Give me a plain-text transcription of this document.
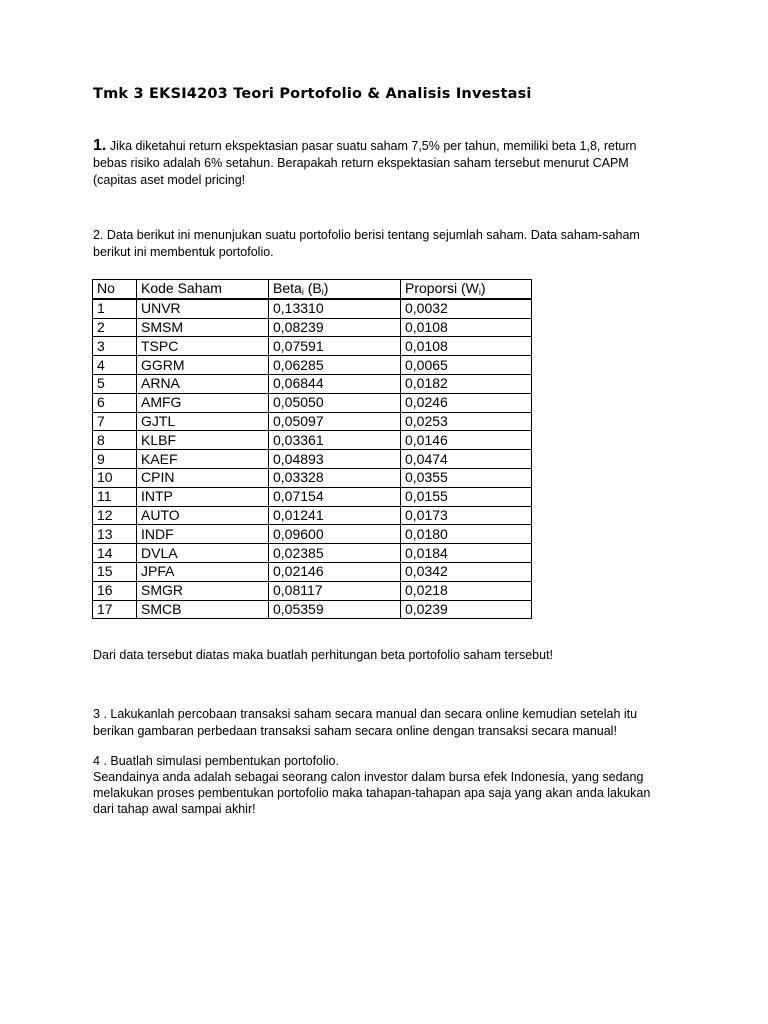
Tmk 3 EKSI4203 Teori Portofolio & Analisis Investasi
1. Jika diketahui return ekspektasian pasar suatu saham 7,5% per tahun, memiliki beta 1,8, return
bebas risiko adalah 6% setahun. Berapakah return ekspektasian saham tersebut menurut CAPM
(capitas aset model pricing!
2. Data berikut ini menunjukan suatu portofolio berisi tentang sejumlah saham. Data saham-saham
berikut ini membentuk portofolio.
No	Kode Saham	Beta$_i$ $(B_i)$	Proporsi $(W_i)$
1	UNVR	0,13310	0,0032
2	SMSM	0,08239	0,0108
3	TSPC	0,07591	0,0108
4	GGRM	0,06285	0,0065
5	ARNA	0,06844	0,0182
6	AMFG	0,05050	0,0246
7	GJTL	0,05097	0,0253
8	KLBF	0,03361	0,0146
9	KAEF	0,04893	0,0474
10	CPIN	0,03328	0,0355
11	INTP	0,07154	0,0155
12	AUTO	0,01241	0,0173
13	INDF	0,09600	0,0180
14	DVLA	0,02385	0,0184
15	JPFA	0,02146	0,0342
16	SMGR	0,08117	0,0218
17	SMCB	0,05359	0,0239
Dari data tersebut diatas maka buatlah perhitungan beta portofolio saham tersebut!
3 . Lakukanlah percobaan transaksi saham secara manual dan secara online kemudian setelah itu
berikan gambaran perbedaan transaksi saham secara online dengan transaksi secara manual!
4 . Buatlah simulasi pembentukan portofolio.
Seandainya anda adalah sebagai seorang calon investor dalam bursa efek Indonesia, yang sedang
melakukan proses pembentukan portofolio maka tahapan-tahapan apa saja yang akan anda lakukan
dari tahap awal sampai akhir!
